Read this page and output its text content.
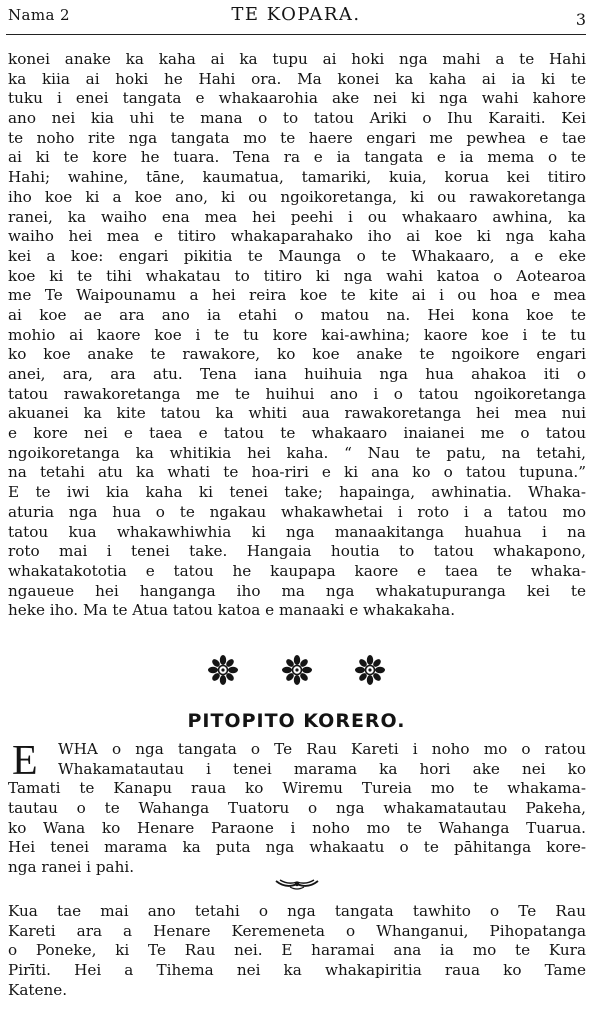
Nama 2	TE KOPARA.	3
konei anake ka kaha ai ka tupu ai hoki nga mahi a te Hahi
ka kiia ai hoki he Hahi ora. Ma konei ka kaha ai ia ki te
tuku i enei tangata e whakaarohia ake nei ki nga wahi kahore
ano nei kia uhi te mana o to tatou Ariki o Ihu Karaiti. Kei
te noho rite nga tangata mo te haere engari me pewhea e tae
ai ki te kore he tuara. Tena ra e ia tangata e ia mema o te
Hahi; wahine, tāne, kaumatua, tamariki, kuia, korua kei titiro
iho koe ki a koe ano, ki ou ngoikoretanga, ki ou rawakoretanga
ranei, ka waiho ena mea hei peehi i ou whakaaro awhina, ka
waiho hei mea e titiro whakaparahako iho ai koe ki nga kaha
kei a koe: engari pikitia te Maunga o te Whakaaro, a e eke
koe ki te tihi whakatau to titiro ki nga wahi katoa o Aotearoa
me Te Waipounamu a hei reira koe te kite ai i ou hoa e mea
ai koe ae ara ano ia etahi o matou na. Hei kona koe te
mohio ai kaore koe i te tu kore kai-awhina; kaore koe i te tu
ko koe anake te rawakore, ko koe anake te ngoikore engari
anei, ara, ara atu. Tena iana huihuia nga hua ahakoa iti o
tatou rawakoretanga me te huihui ano i o tatou ngoikoretanga
akuanei ka kite tatou ka whiti aua rawakoretanga hei mea nui
e kore nei e taea e tatou te whakaaro inaianei me o tatou
ngoikoretanga ka whitikia hei kaha. “ Nau te patu, na tetahi,
na tetahi atu ka whati te hoa-riri e ki ana ko o tatou tupuna.”
E te iwi kia kaha ki tenei take; hapainga, awhinatia. Whaka-
aturia nga hua o te ngakau whakawhetai i roto i a tatou mo
tatou kua whakawhiwhia ki nga manaakitanga huahua i na
roto mai i tenei take. Hangaia houtia to tatou whakapono,
whakatakototia e tatou he kaupapa kaore e taea te whaka-
ngaueue hei hanganga iho ma nga whakatupuranga kei te
heke iho. Ma te Atua tatou katoa e manaaki e whakakaha.

PITOPITO KORERO.
E	WHA o nga tangata o Te Rau Kareti i noho mo o ratou
Whakamatautau i tenei marama ka hori ake nei ko
Tamati te Kanapu raua ko Wiremu Tureia mo te whakama-
tautau o te Wahanga Tuatoru o nga whakamatautau Pakeha,
ko Wana ko Henare Paraone i noho mo te Wahanga Tuarua.
Hei tenei marama ka puta nga whakaatu o te pāhitanga kore-
nga ranei i pahi.
Kua tae mai ano tetahi o nga tangata tawhito o Te Rau
Kareti ara a Henare Keremeneta o Whanganui, Pihopatanga
o Poneke, ki Te Rau nei. E haramai ana ia mo te Kura
Pirīti. Hei a Tihema nei ka whakapiritia raua ko Tame
Katene.
